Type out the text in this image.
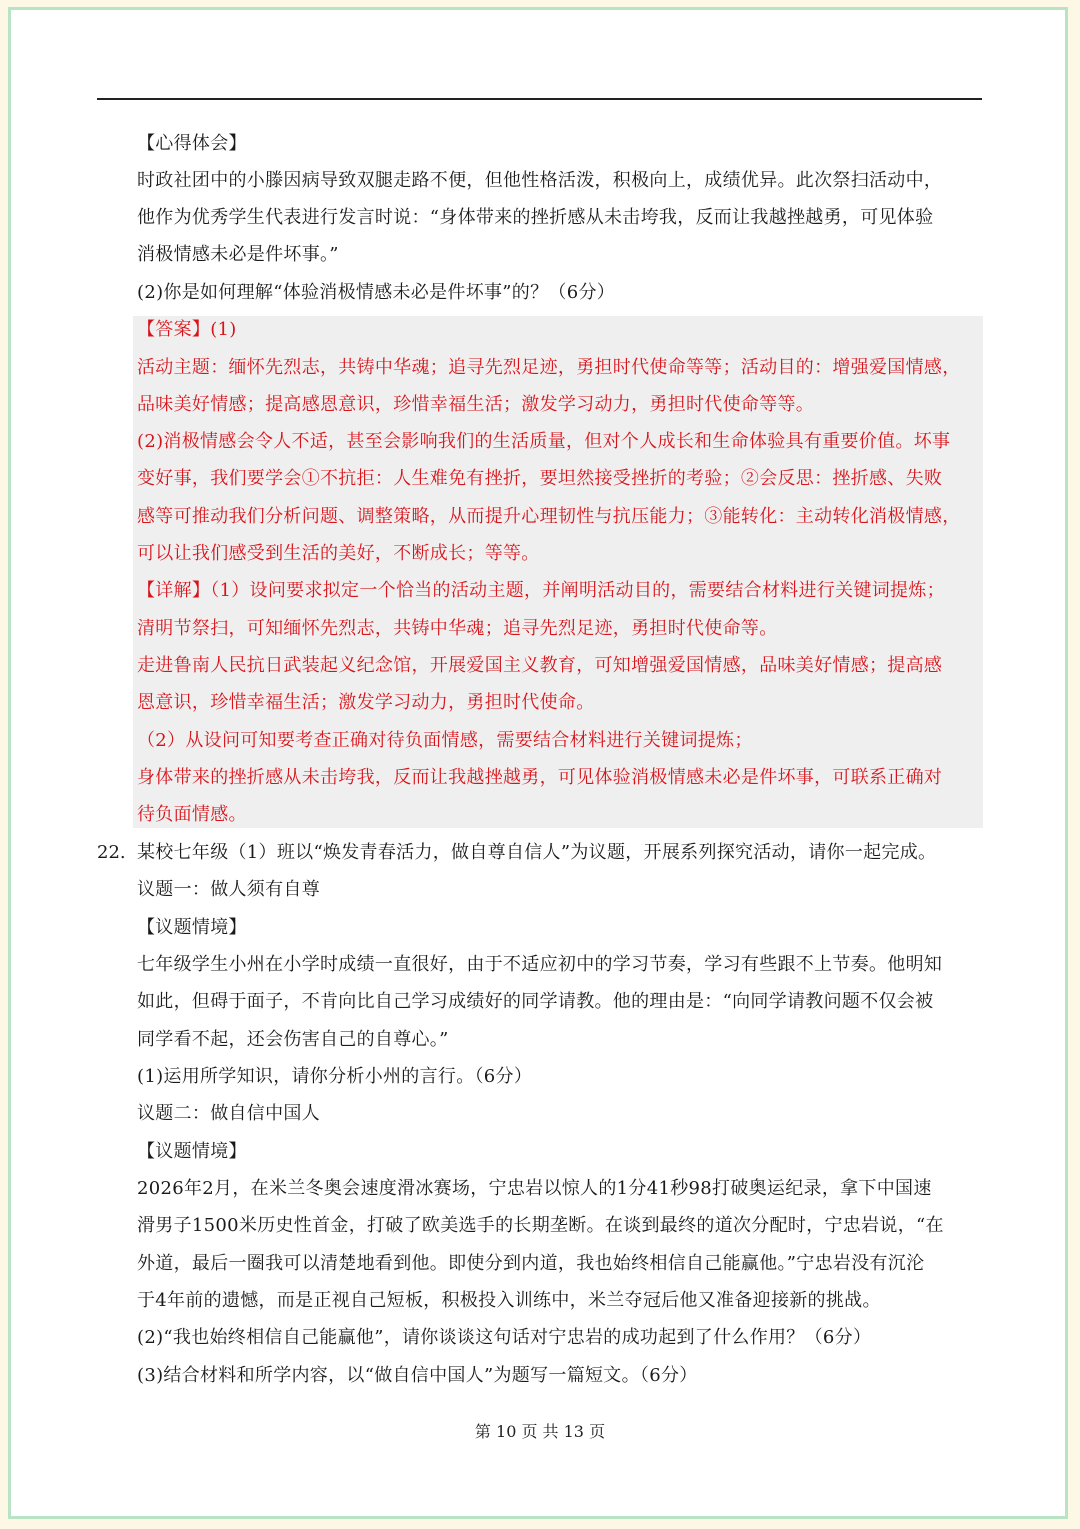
【心得体会】
时政社团中的小滕因病导致双腿走路不便，但他性格活泼，积极向上，成绩优异。此次祭扫活动中，
他作为优秀学生代表进行发言时说：“身体带来的挫折感从未击垮我，反而让我越挫越勇，可见体验
消极情感未必是件坏事。”
(2)你是如何理解“体验消极情感未必是件坏事”的？（6分）
【答案】(1)
活动主题：缅怀先烈志，共铸中华魂；追寻先烈足迹，勇担时代使命等等；活动目的：增强爱国情感，
品味美好情感；提高感恩意识，珍惜幸福生活；激发学习动力，勇担时代使命等等。
(2)消极情感会令人不适，甚至会影响我们的生活质量，但对个人成长和生命体验具有重要价值。坏事
变好事，我们要学会①不抗拒：人生难免有挫折，要坦然接受挫折的考验；②会反思：挫折感、失败
感等可推动我们分析问题、调整策略，从而提升心理韧性与抗压能力；③能转化：主动转化消极情感，
可以让我们感受到生活的美好，不断成长；等等。
【详解】（1）设问要求拟定一个恰当的活动主题，并阐明活动目的，需要结合材料进行关键词提炼；
清明节祭扫，可知缅怀先烈志，共铸中华魂；追寻先烈足迹，勇担时代使命等。
走进鲁南人民抗日武装起义纪念馆，开展爱国主义教育，可知增强爱国情感，品味美好情感；提高感
恩意识，珍惜幸福生活；激发学习动力，勇担时代使命。
（2）从设问可知要考查正确对待负面情感，需要结合材料进行关键词提炼；
身体带来的挫折感从未击垮我，反而让我越挫越勇，可见体验消极情感未必是件坏事，可联系正确对
待负面情感。
22. 某校七年级（1）班以“焕发青春活力，做自尊自信人”为议题，开展系列探究活动，请你一起完成。
议题一：做人须有自尊
【议题情境】
七年级学生小州在小学时成绩一直很好，由于不适应初中的学习节奏，学习有些跟不上节奏。他明知
如此，但碍于面子，不肯向比自己学习成绩好的同学请教。他的理由是：“向同学请教问题不仅会被
同学看不起，还会伤害自己的自尊心。”
(1)运用所学知识，请你分析小州的言行。（6分）
议题二：做自信中国人
【议题情境】
2026年2月，在米兰冬奥会速度滑冰赛场，宁忠岩以惊人的1分41秒98打破奥运纪录，拿下中国速
滑男子1500米历史性首金，打破了欧美选手的长期垄断。在谈到最终的道次分配时，宁忠岩说，“在
外道，最后一圈我可以清楚地看到他。即使分到内道，我也始终相信自己能赢他。”宁忠岩没有沉沦
于4年前的遗憾，而是正视自己短板，积极投入训练中，米兰夺冠后他又准备迎接新的挑战。
(2)“我也始终相信自己能赢他”，请你谈谈这句话对宁忠岩的成功起到了什么作用？（6分）
(3)结合材料和所学内容，以“做自信中国人”为题写一篇短文。（6分）
第 10 页 共 13 页
